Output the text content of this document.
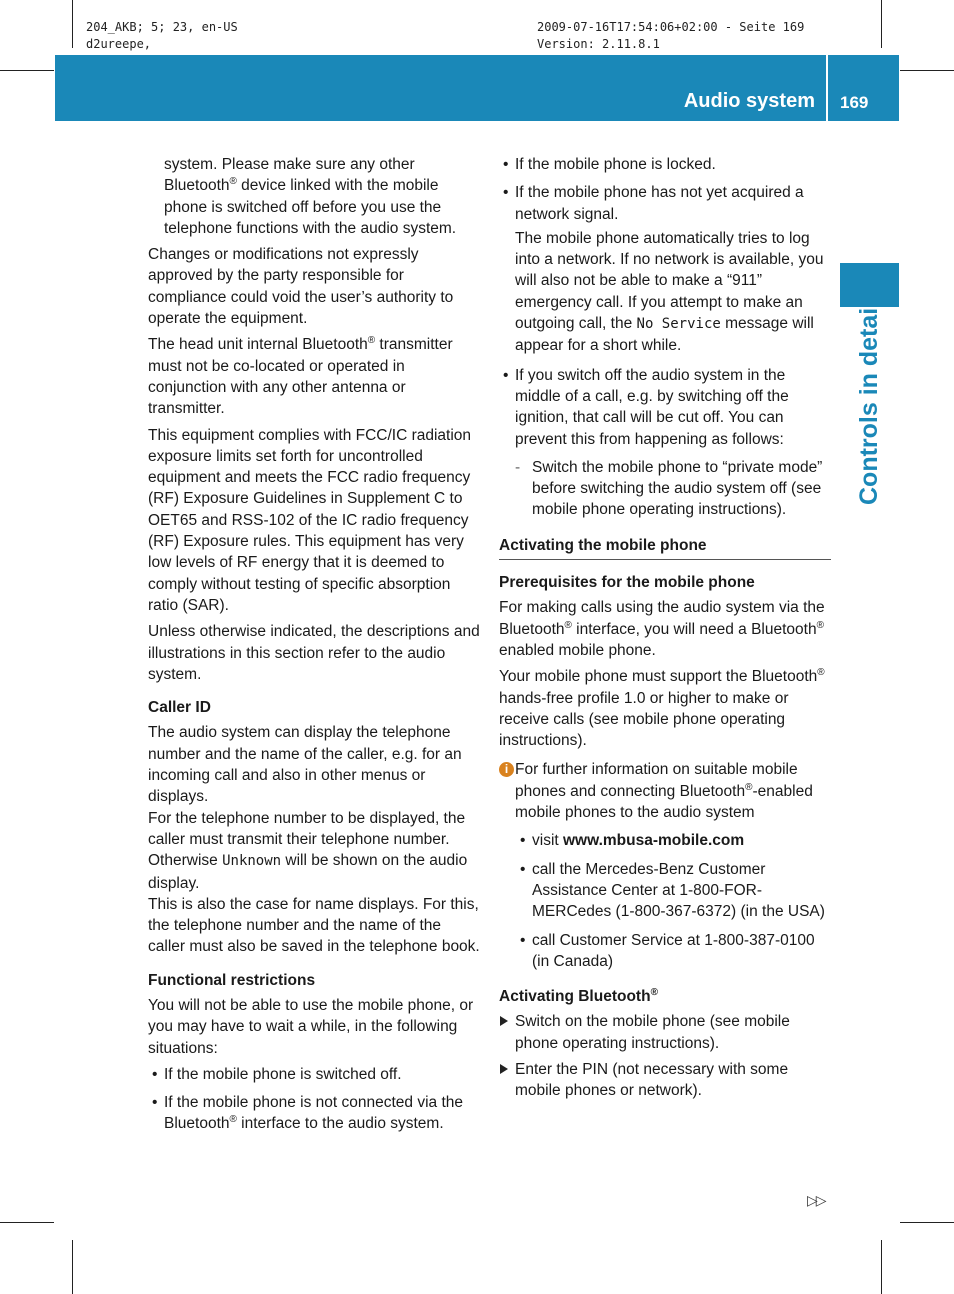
204_AKB; 5; 23, en-US
d2ureepe,
2009-07-16T17:54:06+02:00 - Seite 169
Version: 2.11.8.1
Audio system 169
Controls in detail

system. Please make sure any other Bluetooth® device linked with the mobile phone is switched off before you use the telephone functions with the audio system.

Changes or modifications not expressly approved by the party responsible for compliance could void the user’s authority to operate the equipment.

The head unit internal Bluetooth® transmitter must not be co-located or operated in conjunction with any other antenna or transmitter.

This equipment complies with FCC/IC radiation exposure limits set forth for uncontrolled equipment and meets the FCC radio frequency (RF) Exposure Guidelines in Supplement C to OET65 and RSS-102 of the IC radio frequency (RF) Exposure rules. This equipment has very low levels of RF energy that it is deemed to comply without testing of specific absorption ratio (SAR).

Unless otherwise indicated, the descriptions and illustrations in this section refer to the audio system.

Caller ID

The audio system can display the telephone number and the name of the caller, e.g. for an incoming call and also in other menus or displays.

For the telephone number to be displayed, the caller must transmit their telephone number. Otherwise Unknown will be shown on the audio display.

This is also the case for name displays. For this, the telephone number and the name of the caller must also be saved in the telephone book.

Functional restrictions

You will not be able to use the mobile phone, or you may have to wait a while, in the following situations:

• If the mobile phone is switched off.
• If the mobile phone is not connected via the Bluetooth® interface to the audio system.
• If the mobile phone is locked.
• If the mobile phone has not yet acquired a network signal.

The mobile phone automatically tries to log into a network. If no network is available, you will also not be able to make a “911” emergency call. If you attempt to make an outgoing call, the No Service message will appear for a short while.

• If you switch off the audio system in the middle of a call, e.g. by switching off the ignition, that call will be cut off. You can prevent this from happening as follows:
- Switch the mobile phone to “private mode” before switching the audio system off (see mobile phone operating instructions).
Activating the mobile phone
Prerequisites for the mobile phone

For making calls using the audio system via the Bluetooth® interface, you will need a Bluetooth® enabled mobile phone.

Your mobile phone must support the Bluetooth® hands-free profile 1.0 or higher to make or receive calls (see mobile phone operating instructions).

i For further information on suitable mobile phones and connecting Bluetooth®-enabled mobile phones to the audio system
• visit www.mbusa-mobile.com
• call the Mercedes-Benz Customer Assistance Center at 1-800-FOR-MERCedes (1-800-367-6372) (in the USA)
• call Customer Service at 1-800-387-0100 (in Canada)
Activating Bluetooth®
Switch on the mobile phone (see mobile phone operating instructions).
Enter the PIN (not necessary with some mobile phones or network).
▷▷
